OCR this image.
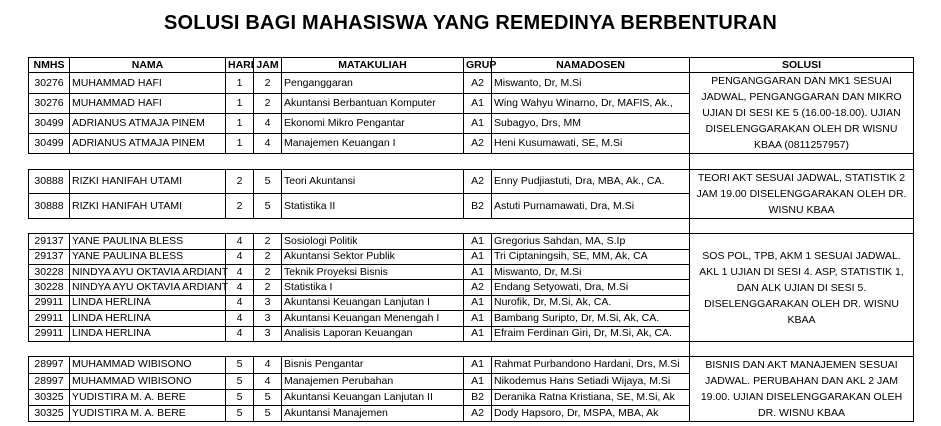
SOLUSI BAGI MAHASISWA YANG REMEDINYA BERBENTURAN
NMHS	NAMA	HARI	JAM	MATAKULIAH	GRUP	NAMADOSEN	SOLUSI
30276	MUHAMMAD HAFI	1	2	Penganggaran	A2	Miswanto, Dr, M.Si	PENGANGGARAN DAN MK1 SESUAI JADWAL, PENGANGGARAN DAN MIKRO UJIAN DI SESI KE 5 (16.00-18.00). UJIAN DISELENGGARAKAN OLEH DR WISNU KBAA (0811257957)
30276	MUHAMMAD HAFI	1	2	Akuntansi Berbantuan Komputer	A1	Wing Wahyu Winarno, Dr, MAFIS, Ak.,	
30499	ADRIANUS ATMAJA PINEM	1	4	Ekonomi Mikro Pengantar	A1	Subagyo, Drs, MM	
30499	ADRIANUS ATMAJA PINEM	1	4	Manajemen Keuangan I	A2	Heni Kusumawati, SE, M.Si	

30888	RIZKI HANIFAH UTAMI	2	5	Teori Akuntansi	A2	Enny Pudjiastuti, Dra, MBA, Ak., CA.	TEORI AKT SESUAI JADWAL, STATISTIK 2 JAM 19.00 DISELENGGARAKAN OLEH DR. WISNU KBAA
30888	RIZKI HANIFAH UTAMI	2	5	Statistika II	B2	Astuti Purnamawati, Dra, M.Si	

29137	YANE PAULINA BLESS	4	2	Sosiologi Politik	A1	Gregorius Sahdan, MA, S.Ip	SOS POL, TPB, AKM 1 SESUAI JADWAL. AKL 1 UJIAN DI SESI 4. ASP, STATISTIK 1, DAN ALK UJIAN DI SESI 5. DISELENGGARAKAN OLEH DR. WISNU KBAA
29137	YANE PAULINA BLESS	4	2	Akuntansi Sektor Publik	A1	Tri Ciptaningsih, SE, MM, Ak, CA	
30228	NINDYA AYU OKTAVIA ARDIANT	4	2	Teknik Proyeksi Bisnis	A1	Miswanto, Dr, M.Si	
30228	NINDYA AYU OKTAVIA ARDIANT	4	2	Statistika I	A2	Endang Setyowati, Dra, M.Si	
29911	LINDA HERLINA	4	3	Akuntansi Keuangan Lanjutan I	A1	Nurofik, Dr, M.Si, Ak, CA.	
29911	LINDA HERLINA	4	3	Akuntansi Keuangan Menengah I	A1	Bambang Suripto, Dr, M.Si, Ak, CA.	
29911	LINDA HERLINA	4	3	Analisis Laporan Keuangan	A1	Efraim Ferdinan Giri, Dr, M.Si, Ak, CA.	

28997	MUHAMMAD WIBISONO	5	4	Bisnis Pengantar	A1	Rahmat Purbandono Hardani, Drs, M.Si	BISNIS DAN AKT MANAJEMEN SESUAI JADWAL. PERUBAHAN DAN AKL 2 JAM 19.00. UJIAN DISELENGGARAKAN OLEH DR. WISNU KBAA
28997	MUHAMMAD WIBISONO	5	4	Manajemen Perubahan	A1	Nikodemus Hans Setiadi Wijaya, M.Si	
30325	YUDISTIRA M. A. BERE	5	5	Akuntansi Keuangan Lanjutan II	B2	Deranika Ratna Kristiana, SE, M.Si, Ak	
30325	YUDISTIRA M. A. BERE	5	5	Akuntansi Manajemen	A2	Dody Hapsoro, Dr, MSPA, MBA, Ak	
